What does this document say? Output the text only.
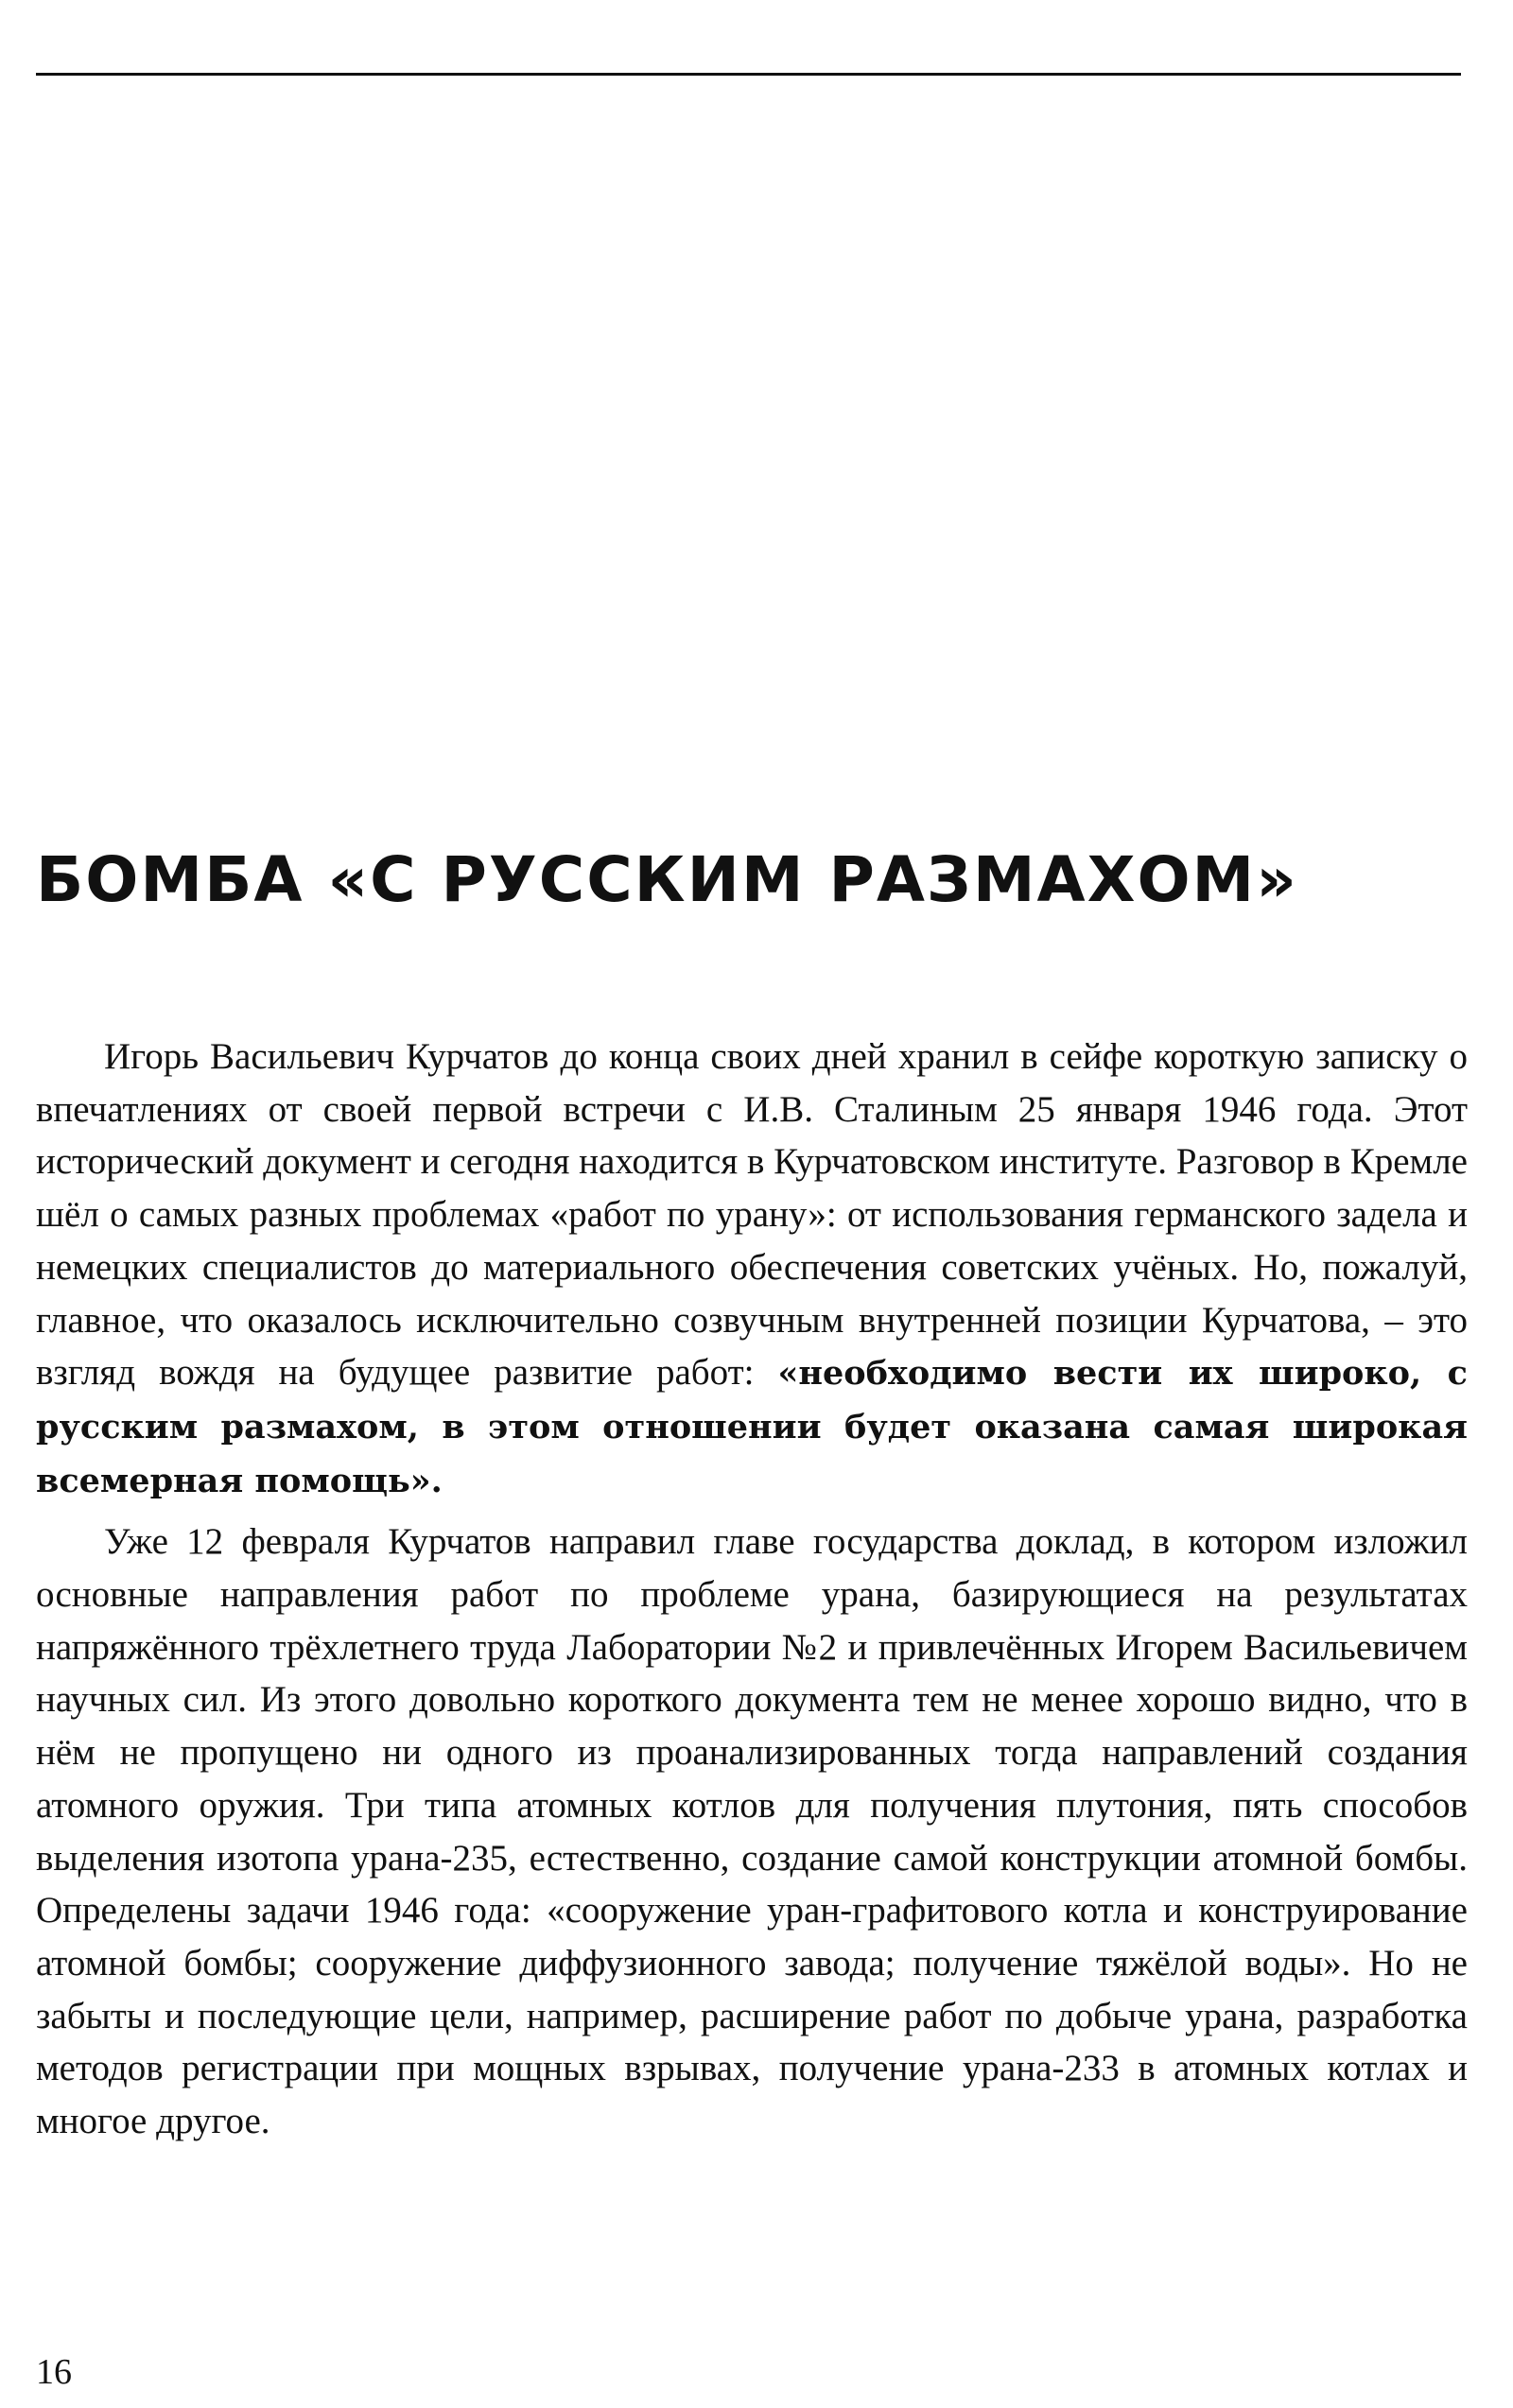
БОМБА «С РУССКИМ РАЗМАХОМ»

Игорь Васильевич Курчатов до конца своих дней хранил в сейфе короткую записку о впечатлениях от своей первой встречи с И.В. Сталиным 25 января 1946 года. Этот исторический документ и сегодня находится в Курчатовском институте. Разговор в Кремле шёл о самых разных проблемах «работ по урану»: от использования германского задела и немецких специалистов до материального обеспечения советских учёных. Но, пожалуй, главное, что оказалось исключительно созвучным внутренней позиции Курчатова, – это взгляд вождя на будущее развитие работ: «необходимо вести их широко, с русским размахом, в этом отношении будет оказана самая широкая всемерная помощь».

Уже 12 февраля Курчатов направил главе государства доклад, в котором изложил основные направления работ по проблеме урана, базирующиеся на результатах напряжённого трёхлетнего труда Лаборатории №2 и привлечённых Игорем Васильевичем научных сил. Из этого довольно короткого документа тем не менее хорошо видно, что в нём не пропущено ни одного из проанализированных тогда направлений создания атомного оружия. Три типа атомных котлов для получения плутония, пять способов выделения изотопа урана-235, естественно, создание самой конструкции атомной бомбы. Определены задачи 1946 года: «сооружение уран-графитового котла и конструирование атомной бомбы; сооружение диффузионного завода; получение тяжёлой воды». Но не забыты и последующие цели, например, расширение работ по добыче урана, разработка методов регистрации при мощных взрывах, получение урана-233 в атомных котлах и многое другое.

16
